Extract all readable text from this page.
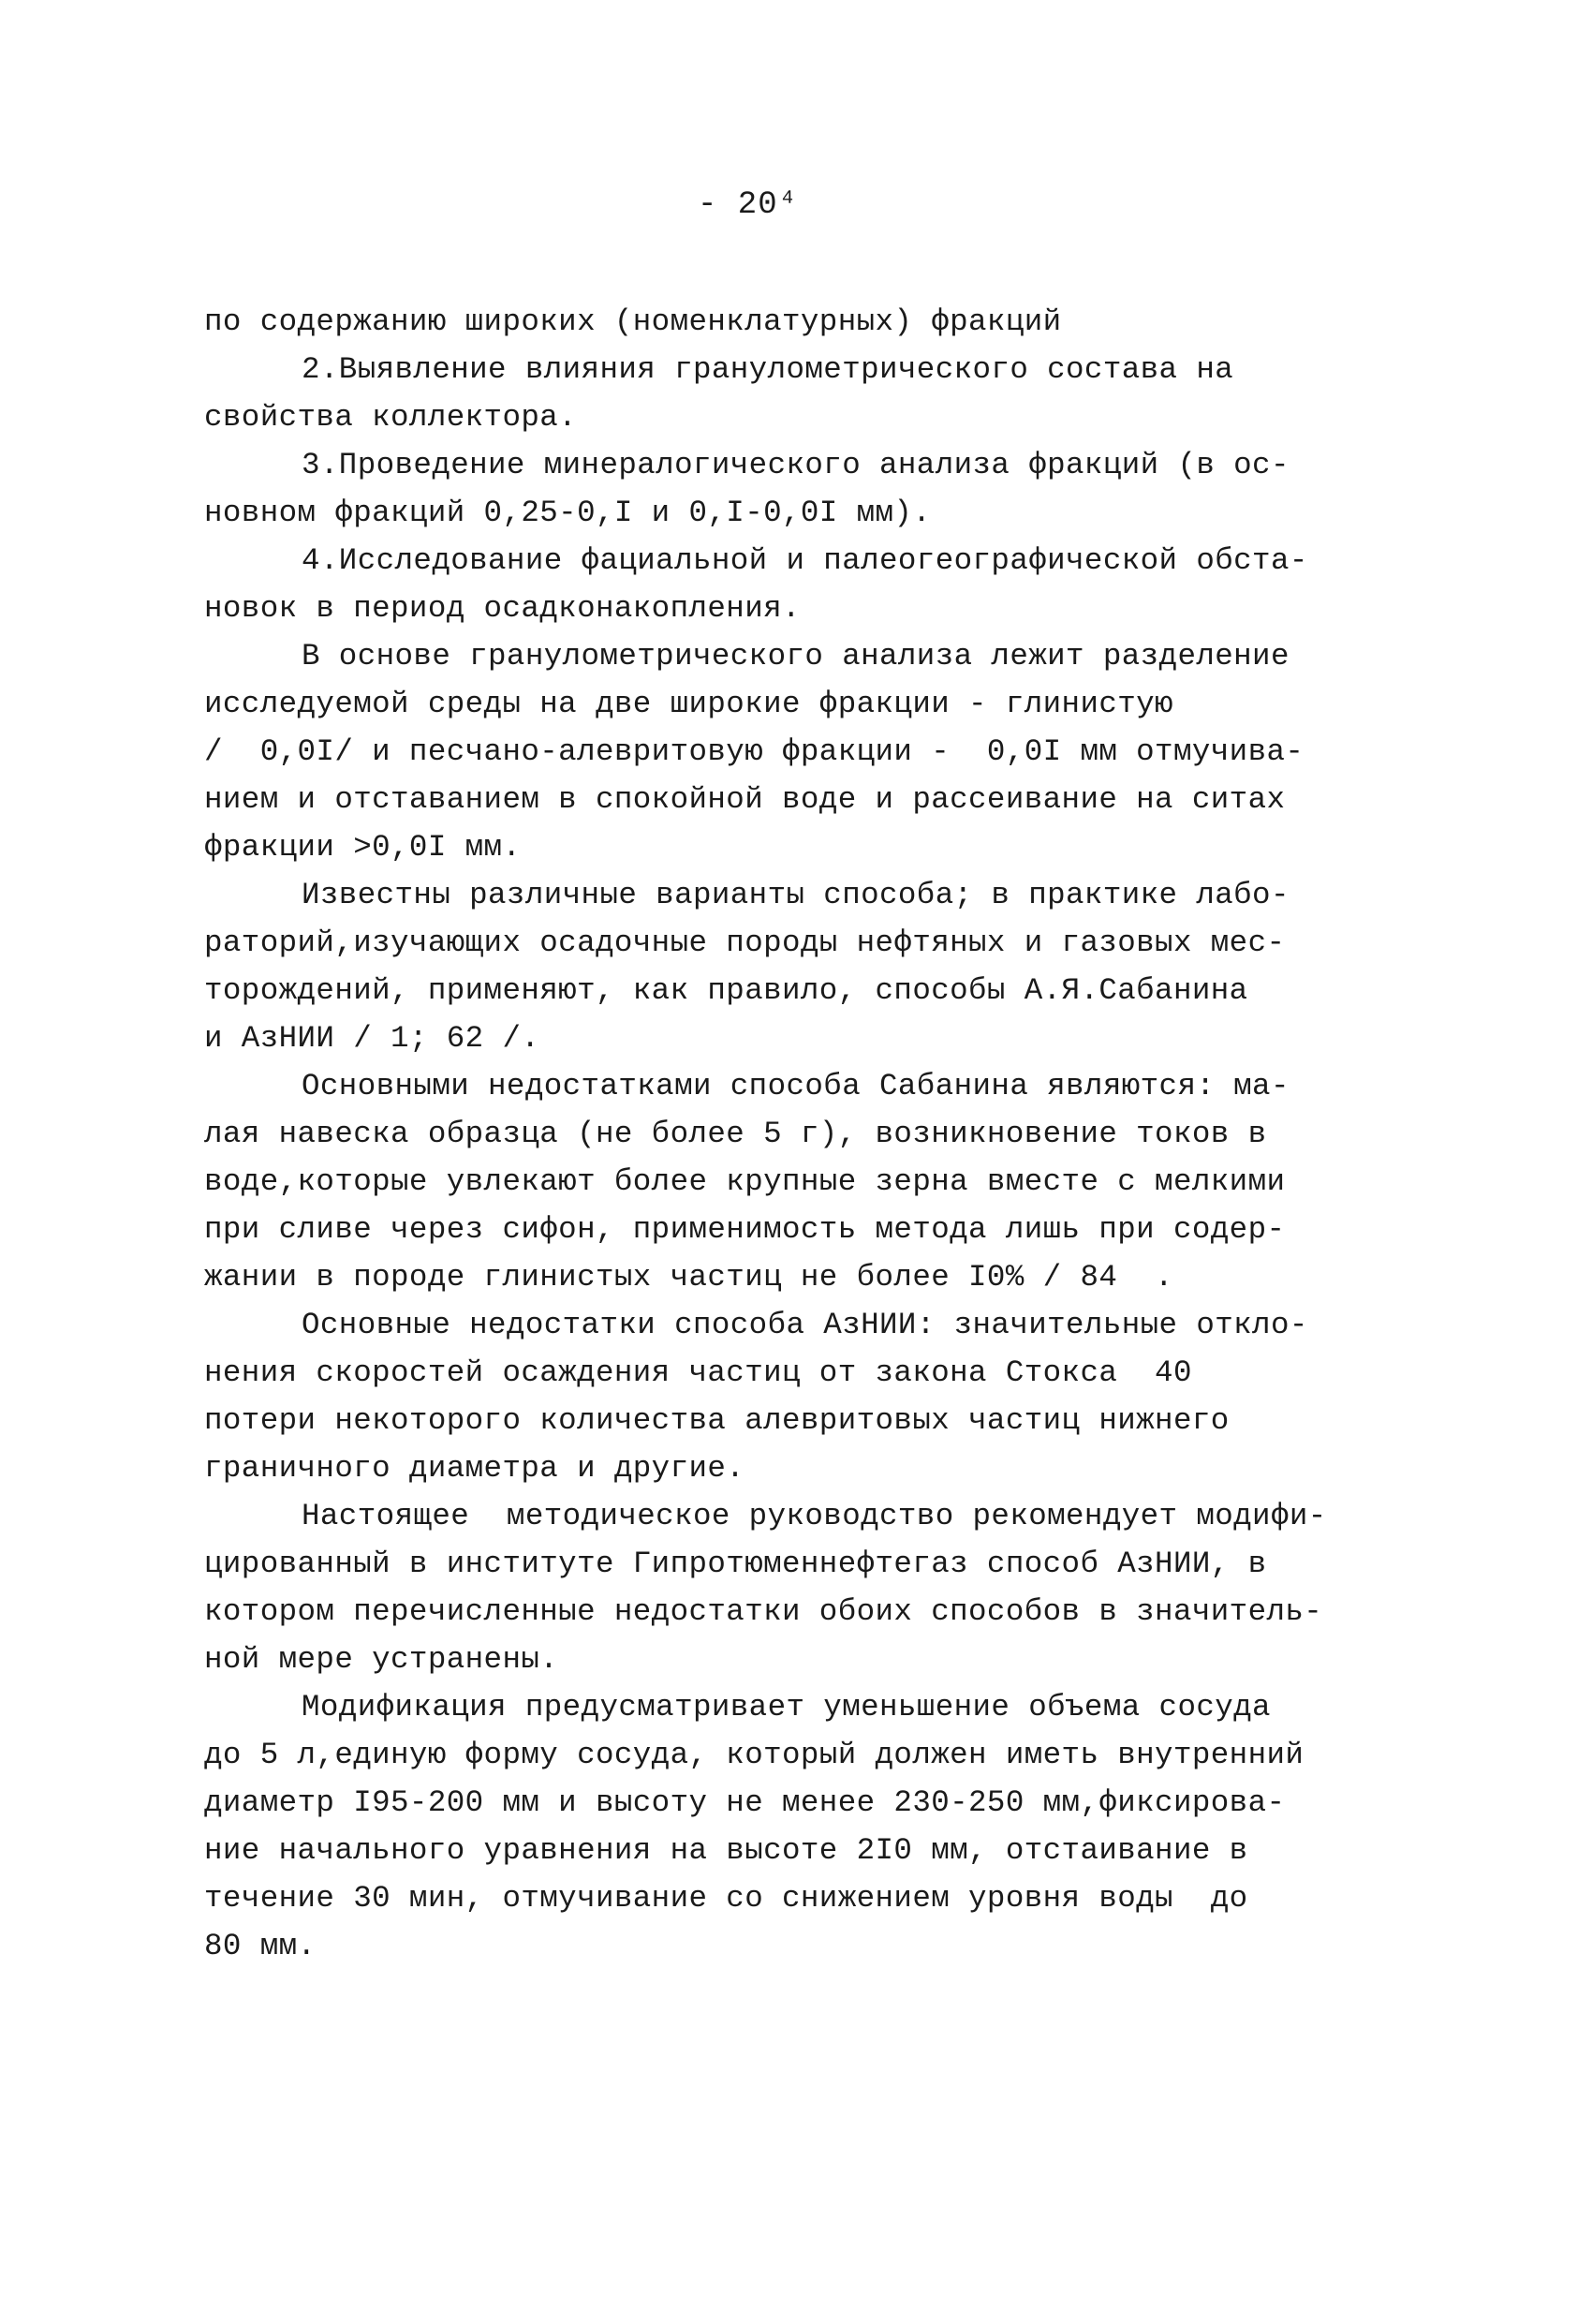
- 20⁴
по содержанию широких (номенклатурных) фракций
2.Выявление влияния гранулометрического состава на
свойства коллектора.
3.Проведение минералогического анализа фракций (в ос-
новном фракций 0,25-0,I и 0,I-0,0I мм).
4.Исследование фациальной и палеогеографической обста-
новок в период осадконакопления.
В основе гранулометрического анализа лежит разделение
исследуемой среды на две широкие фракции - глинистую
/  0,0I/ и песчано-алевритовую фракции -  0,0I мм отмучива-
нием и отставанием в спокойной воде и рассеивание на ситах
фракции >0,0I мм.
Известны различные варианты способа; в практике лабо-
раторий,изучающих осадочные породы нефтяных и газовых мес-
торождений, применяют, как правило, способы А.Я.Сабанина
и АзНИИ / 1; 62 /.
Основными недостатками способа Сабанина являются: ма-
лая навеска образца (не более 5 г), возникновение токов в
воде,которые увлекают более крупные зерна вместе с мелкими
при сливе через сифон, применимость метода лишь при содер-
жании в породе глинистых частиц не более I0% / 84  .
Основные недостатки способа АзНИИ: значительные откло-
нения скоростей осаждения частиц от закона Стокса  40
потери некоторого количества алевритовых частиц нижнего
граничного диаметра и другие.
Настоящее  методическое руководство рекомендует модифи-
цированный в институте Гипротюменнефтегаз способ АзНИИ, в
котором перечисленные недостатки обоих способов в значитель-
ной мере устранены.
Модификация предусматривает уменьшение объема сосуда
до 5 л,единую форму сосуда, который должен иметь внутренний
диаметр I95-200 мм и высоту не менее 230-250 мм,фиксирова-
ние начального уравнения на высоте 2I0 мм, отстаивание в
течение 30 мин, отмучивание со снижением уровня воды  до
80 мм.
